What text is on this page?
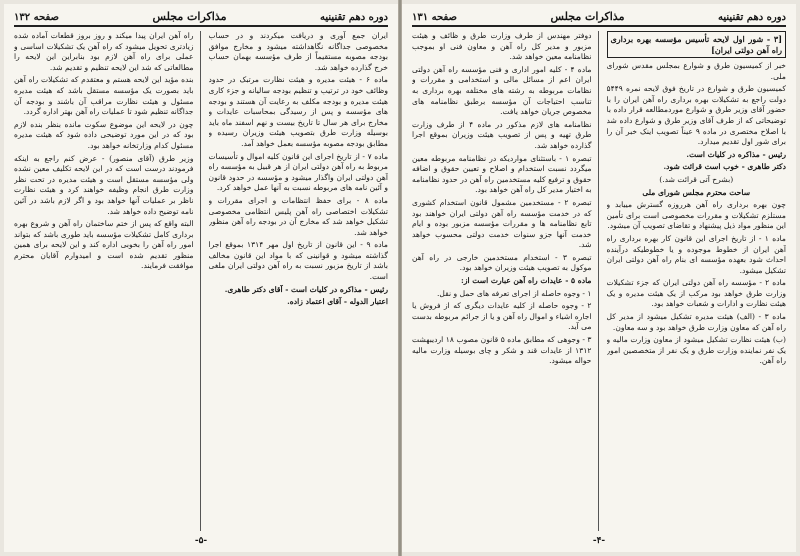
دوره دهم تقنینیه
مذاکرات مجلس
صفحه ۱۳۲

ایران جمع آوری و دریافت میکردند و در حساب مخصوصی جداگانه نگاهداشته میشود و مخارج موافق بودجه مصوبه مستقیماً از طرف مؤسسه بهمان حساب خرج گذارده خواهد شد.

ماده ۶ - هیئت مدیره و هیئت نظارت مرتبک در حدود وظائف خود در ترتیب و تنظیم بودجه سالیانه و جزء کاری هیئت مدیره و بودجه مکلف به رعایت آن هستند و بودجه های مؤسسه و پس از رسیدگی بمحاسبات عایدات و مخارج برای هر سال تا تاریخ بیست و نهم اسفند ماه باید بوسیله وزارت طرق بتصویب هیئت وزیران رسیده و مطابق بودجه مصوبه مؤسسه بعمل خواهد آمد.

ماده ۷ - از تاریخ اجرای این قانون کلیه اموال و تأسیسات مربوط به راه آهن دولتی ایران از هر قبیل به مؤسسه راه آهن دولتی ایران واگذار میشود و مؤسسه در حدود قانون و آئین نامه های مربوطه نسبت به آنها عمل خواهد کرد.

ماده ۸ - برای حفظ انتظامات و اجرای مقررات و تشکیلات اختصاصی راه آهن پلیس انتظامی مخصوصی تشکیل خواهد شد که مخارج آن در بودجه راه آهن منظور خواهد شد.

ماده ۹ - این قانون از تاریخ اول مهر ۱۳۱۴ بموقع اجرا گذاشته میشود و قوانینی که با مواد این قانون مخالف باشد از تاریخ مزبور نسبت به راه آهن دولتی ایران ملغی است.

رئیس - مذاکره در کلیات است - آقای دکتر طاهری.

اعتبار الدوله - آقای اعتماد زاده.

راه آهن ایران پیدا میکند و روز بروز قطعات آماده شده زیادتری تحویل میشود که راه آهن یک تشکیلات اساسی و عملی برای راه آهن لازم بود بنابراین این لایحه را مطالعاتی که شد این لایحه تنظیم و تقدیم شد.

بنده مؤید این لایحه هستم و معتقدم که تشکیلات راه آهن باید بصورت یک مؤسسه مستقل باشد که هیئت مدیره مسئول و هیئت نظارت مراقب آن باشند و بودجه آن جداگانه تنظیم شود تا عملیات راه آهن بهتر اداره گردد.

چون در لایحه این موضوع سکوت مانده بنظر بنده لازم بود که در این مورد توضیحی داده شود که هیئت مدیره مسئول کدام وزارتخانه خواهد بود.

وزیر طرق (آقای منصور) - عرض کنم راجع به اینکه فرمودند درست است که در این لایحه تکلیف معین نشده ولی مؤسسه مستقل است و هیئت مدیره در تحت نظر وزارت طرق انجام وظیفه خواهند کرد و هیئت نظارت ناظر بر عملیات آنها خواهد بود و اگر لازم باشد در آئین نامه توضیح داده خواهد شد.

البته واقع که پس از ختم ساختمان راه آهن و شروع بهره برداری کامل تشکیلات مؤسسه باید طوری باشد که بتواند امور راه آهن را بخوبی اداره کند و این لایحه برای همین منظور تقدیم شده است و امیدوارم آقایان محترم موافقت فرمایند.

-۵-
دوره دهم تقنینیه
مذاکرات مجلس
صفحه ۱۳۱
[۳ - شور اول لایحه تأسیس مؤسسه بهره برداری راه آهن دولتی ایران]

خبر از کمیسیون طرق و شوارع بمجلس مقدس شورای ملی.

کمیسیون طرق و شوارع در تاریخ فوق لایحه نمره ۵۴۴۹ دولت راجع به تشکیلات بهره برداری راه آهن ایران را با حضور آقای وزیر طرق و شوارع موردمطالعه قرار داده با توضیحاتی که از طرف آقای وزیر طرق و شوارع داده شد با اصلاح مختصری در ماده ۹ عیناً تصویب اینک خبر آن را برای شور اول تقدیم میدارد.

رئیس - مذاکره در کلیات است.

دکتر طاهری - خوب است قرائت شود.

(بشرح آتی قرائت شد.)

ساحت محترم مجلس شورای ملی

چون بهره برداری راه آهن هرروزه گسترش مییابد و مستلزم تشکیلات و مقررات مخصوصی است برای تأمین این منظور مواد ذیل پیشنهاد و تقاضای تصویب آن میشود.

ماده ۱ - از تاریخ اجرای این قانون کار بهره برداری راه آهن ایران از خطوط موجوده و یا خطوطیکه درآینده احداث شود بعهده مؤسسه ای بنام راه آهن دولتی ایران تشکیل میشود.

ماده ۲ - مؤسسه راه آهن دولتی ایران که جزء تشکیلات وزارت طرق خواهد بود مرکب از یک هیئت مدیره و یک هیئت نظارت و ادارات و شعبات خواهد بود.

ماده ۳ - (الف) هیئت مدیره تشکیل میشود از مدیر کل راه آهن که معاون وزارت طرق خواهد بود و سه معاون.

(ب) هیئت نظارت تشکیل میشود از معاون وزارت مالیه و یک نفر نماینده وزارت طرق و یک نفر از متخصصین امور راه آهن.

دوفتر مهندس از طرف وزارت طرق و ظائف و هیئت مزبور و مدیر کل راه آهن و معاون فنی او بموجب نظامنامه معین خواهد شد.

ماده ۴ - کلیه امور اداری و فنی مؤسسه راه آهن دولتی ایران اعم از مسائل مالی و استخدامی و مقررات و نظامات مربوطه به رشته های مختلفه بهره برداری به تناسب احتیاجات آن مؤسسه برطبق نظامنامه های مخصوص جریان خواهد یافت.

نظامنامه های لازم مذکور در ماده ۴ از طرف وزارت طرق تهیه و پس از تصویب هیئت وزیران بموقع اجرا گذارده خواهد شد.

تبصره ۱ - باستثنای مواردیکه در نظامنامه مربوطه معین میگردد نسبت استخدام و اصلاح و تعیین حقوق و اضافه حقوق و ترفیع کلیه مستخدمین راه آهن در حدود نظامنامه به اختیار مدیر کل راه آهن خواهد بود.

تبصره ۲ - مستخدمین مشمول قانون استخدام کشوری که در خدمت مؤسسه راه آهن دولتی ایران خواهند بود تابع نظامنامه ها و مقررات مؤسسه مزبور بوده و ایام خدمت آنها جزو سنوات خدمت دولتی محسوب خواهد شد.

تبصره ۳ - استخدام مستخدمین خارجی در راه آهن موکول به تصویب هیئت وزیران خواهد بود.

ماده ۵ - عایدات راه آهن عبارت است از:

۱ - وجوه حاصله از اجرای تعرفه های حمل و نقل.

۲ - وجوه حاصله از کلیه عایدات دیگری که از فروش یا اجاره اشیاء و اموال راه آهن و یا از جرائم مربوطه بدست می آید.

۳ - وجوهی که مطابق ماده ۵ قانون مصوب ۱۸ اردیبهشت ۱۳۱۲ از عایدات قند و شکر و چای بوسیله وزارت مالیه حواله میشود.

-۴-
